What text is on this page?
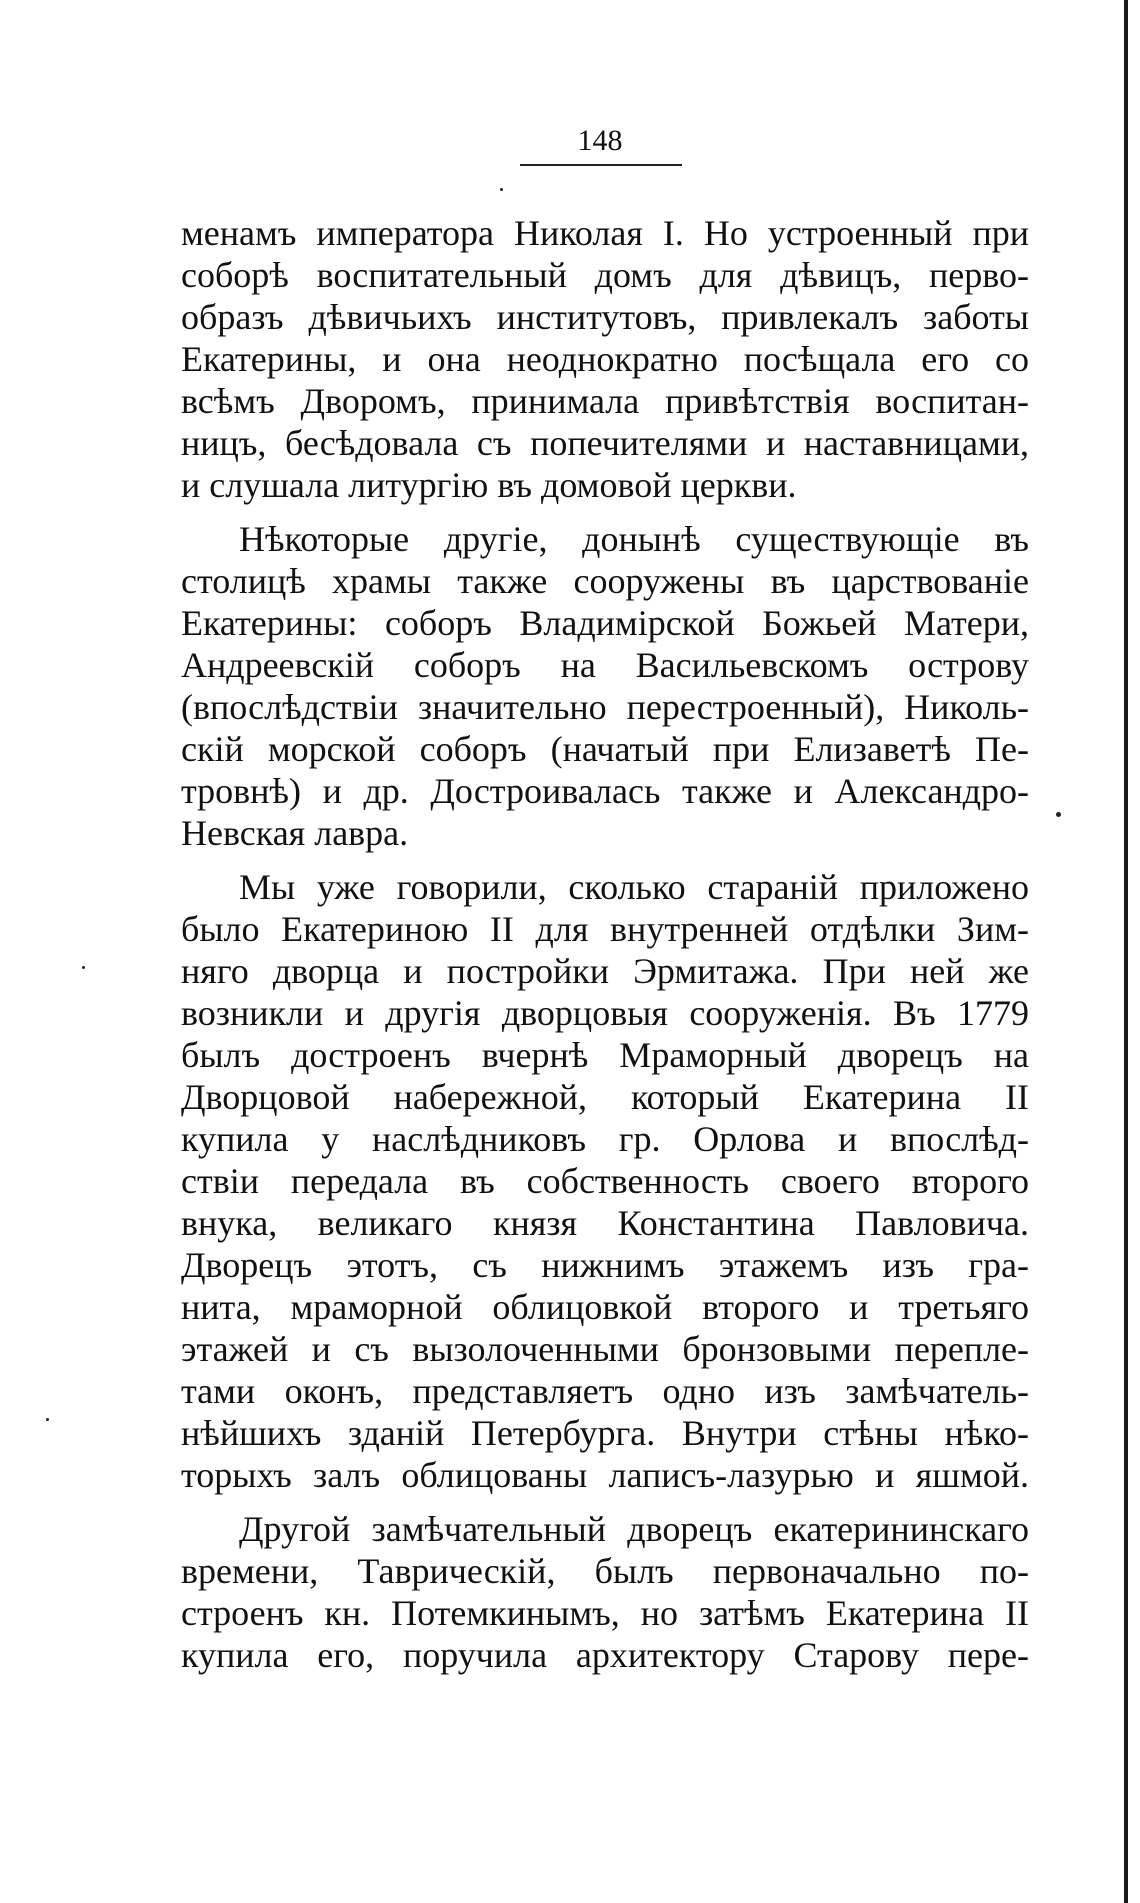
148
менамъ императора Николая I. Но устроенный при
соборѣ воспитательный домъ для дѣвицъ, перво-
образъ дѣвичьихъ институтовъ, привлекалъ заботы
Екатерины, и она неоднократно посѣщала его со
всѣмъ Дворомъ, принимала привѣтствія воспитан-
ницъ, бесѣдовала съ попечителями и наставницами,
и слушала литургію въ домовой церкви.
Нѣкоторые другіе, донынѣ существующіе въ
столицѣ храмы также сооружены въ царствованіе
Екатерины: соборъ Владимірской Божьей Матери,
Андреевскій соборъ на Васильевскомъ острову
(впослѣдствіи значительно перестроенный), Николь-
скій морской соборъ (начатый при Елизаветѣ Пе-
тровнѣ) и др. Достроивалась также и Александро-
Невская лавра.
Мы уже говорили, сколько стараній приложено
было Екатериною II для внутренней отдѣлки Зим-
няго дворца и постройки Эрмитажа. При ней же
возникли и другія дворцовыя сооруженія. Въ 1779
былъ достроенъ вчернѣ Мраморный дворецъ на
Дворцовой набережной, который Екатерина II
купила у наслѣдниковъ гр. Орлова и впослѣд-
ствіи передала въ собственность своего второго
внука, великаго князя Константина Павловича.
Дворецъ этотъ, съ нижнимъ этажемъ изъ гра-
нита, мраморной облицовкой второго и третьяго
этажей и съ вызолоченными бронзовыми перепле-
тами оконъ, представляетъ одно изъ замѣчатель-
нѣйшихъ зданій Петербурга. Внутри стѣны нѣко-
торыхъ залъ облицованы лаписъ-лазурью и яшмой.
Другой замѣчательный дворецъ екатерининскаго
времени, Таврическій, былъ первоначально по-
строенъ кн. Потемкинымъ, но затѣмъ Екатерина II
купила его, поручила архитектору Старову пере-
